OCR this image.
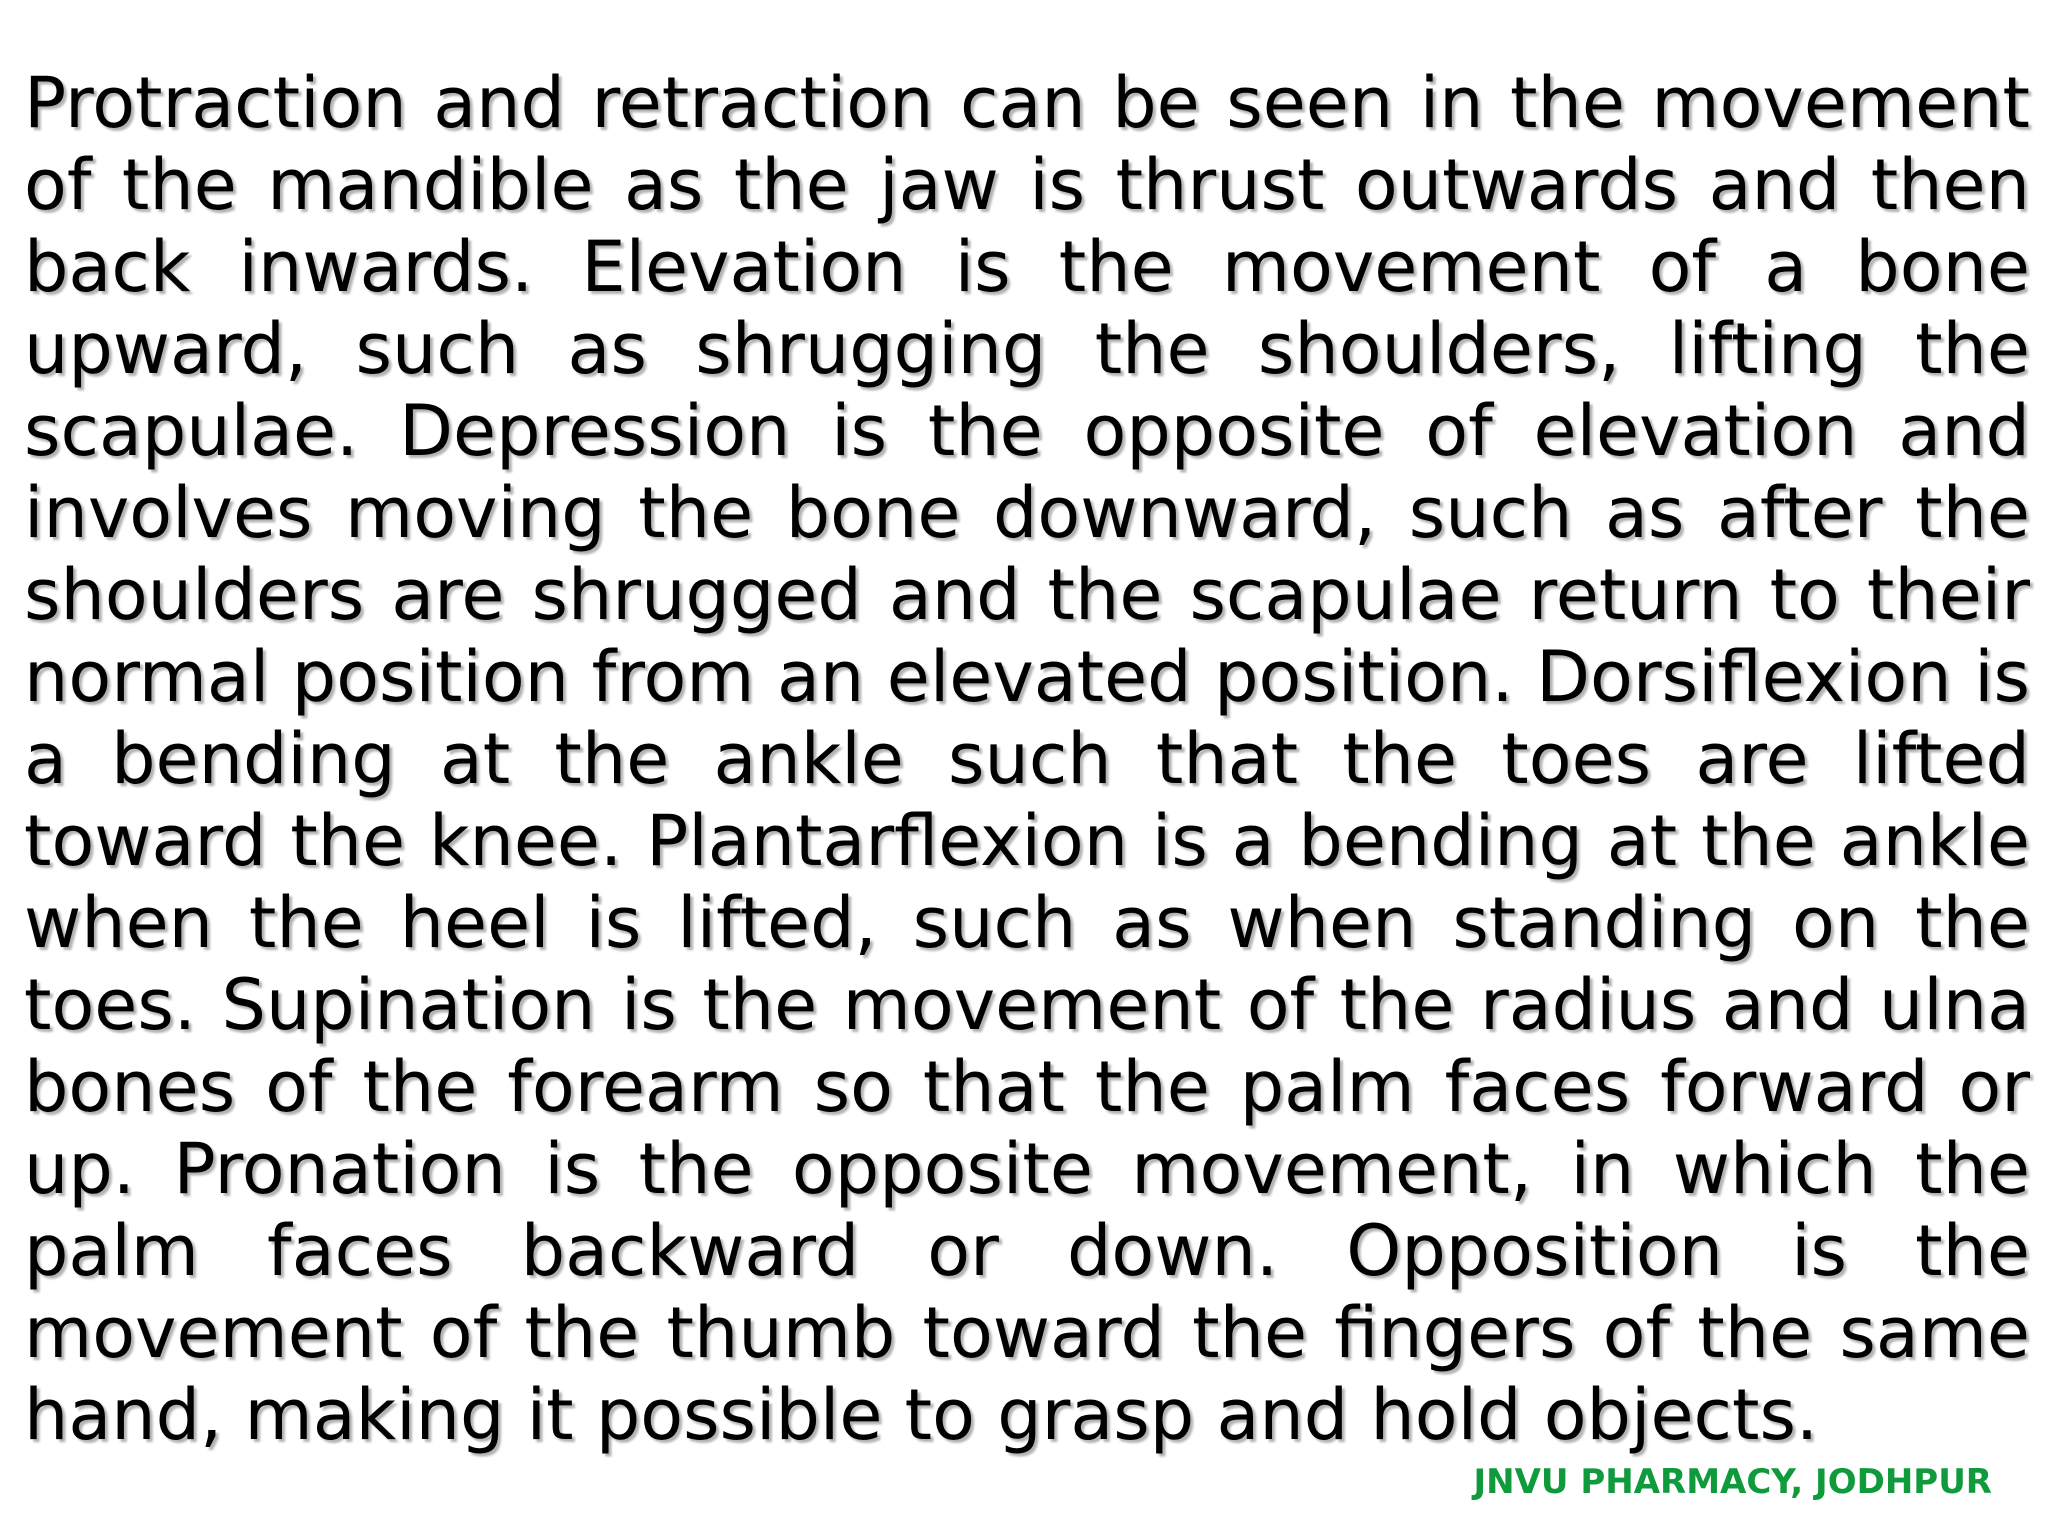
Protraction and retraction can be seen in the movement of the mandible as the jaw is thrust outwards and then back inwards. Elevation is the movement of a bone upward, such as shrugging the shoulders, lifting the scapulae. Depression is the opposite of elevation and involves moving the bone downward, such as after the shoulders are shrugged and the scapulae return to their normal position from an elevated position. Dorsiflexion is a bending at the ankle such that the toes are lifted toward the knee. Plantarflexion is a bending at the ankle when the heel is lifted, such as when standing on the toes. Supination is the movement of the radius and ulna bones of the forearm so that the palm faces forward or up. Pronation is the opposite movement, in which the palm faces backward or down. Opposition is the movement of the thumb toward the fingers of the same hand, making it possible to grasp and hold objects.

JNVU PHARMACY, JODHPUR
